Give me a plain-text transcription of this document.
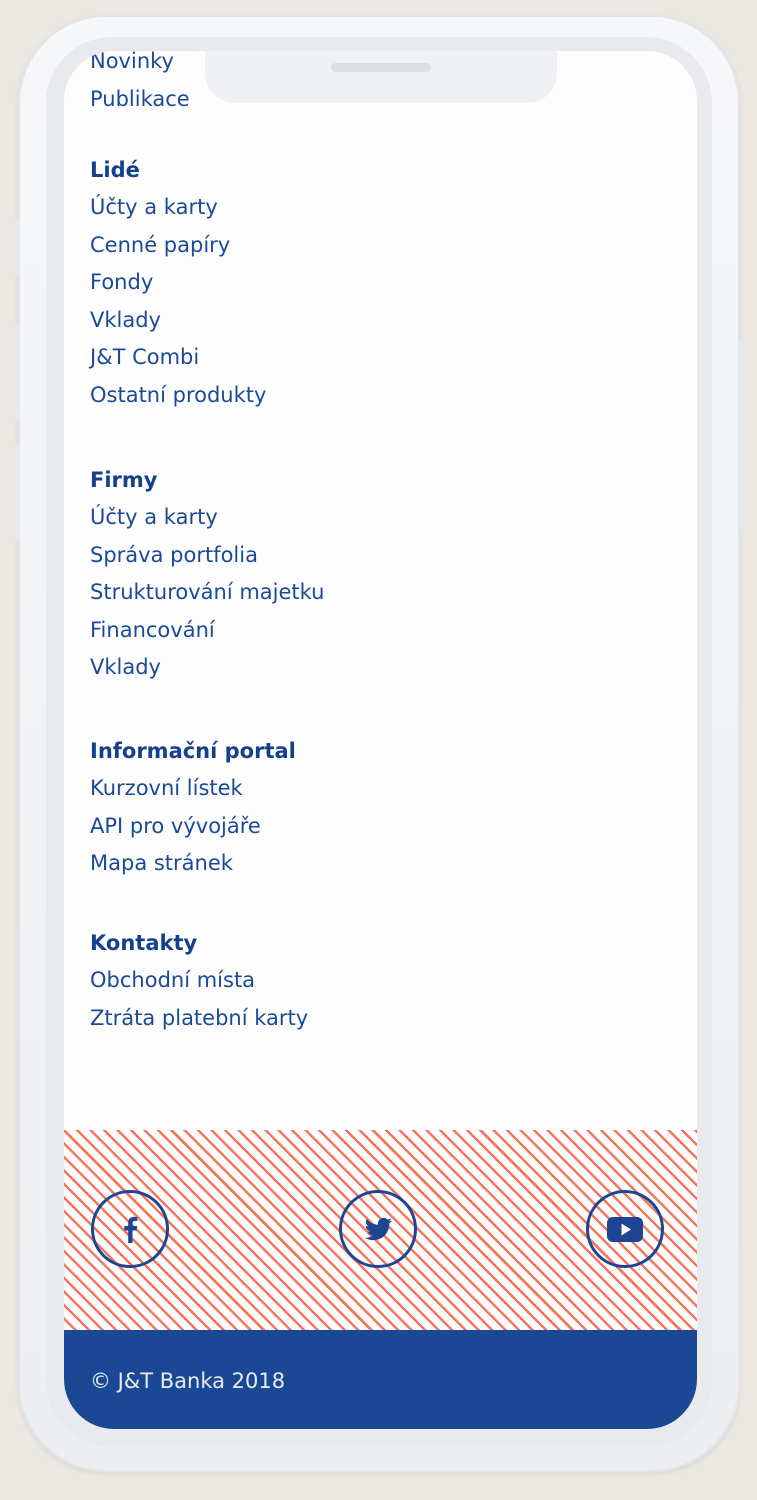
Novinky
Publikace
Lidé
Účty a karty
Cenné papíry
Fondy
Vklady
J&T Combi
Ostatní produkty
Firmy
Účty a karty
Správa portfolia
Strukturování majetku
Financování
Vklady
Informační portal
Kurzovní lístek
API pro vývojáře
Mapa stránek
Kontakty
Obchodní místa
Ztráta platební karty
© J&T Banka 2018
